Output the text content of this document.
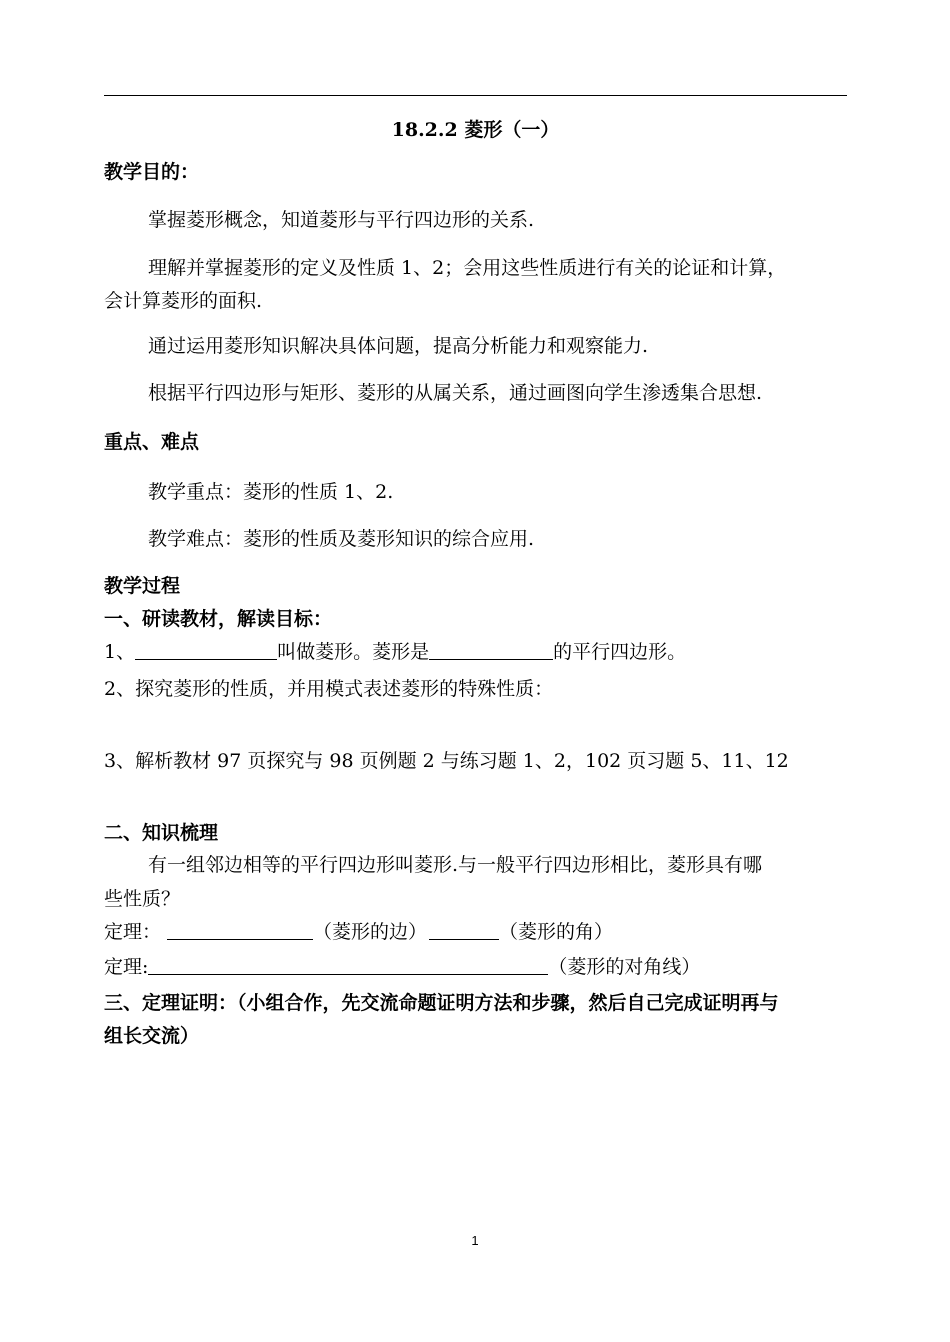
18.2.2 菱形（一）
教学目的：
掌握菱形概念，知道菱形与平行四边形的关系.
理解并掌握菱形的定义及性质 1、2；会用这些性质进行有关的论证和计算，
会计算菱形的面积.
通过运用菱形知识解决具体问题，提高分析能力和观察能力.
根据平行四边形与矩形、菱形的从属关系，通过画图向学生渗透集合思想.
重点、难点
教学重点：菱形的性质 1、2.
教学难点：菱形的性质及菱形知识的综合应用.
教学过程
一、研读教材，解读目标：
1、	叫做菱形。菱形是	的平行四边形。
2、探究菱形的性质，并用模式表述菱形的特殊性质：
3、解析教材 97 页探究与 98 页例题 2 与练习题 1、2，102 页习题 5、11、12
二、知识梳理
有一组邻边相等的平行四边形叫菱形.与一般平行四边形相比，菱形具有哪
些性质？
定理：	（菱形的边）	（菱形的角）
定理:	（菱形的对角线）
三、定理证明：（小组合作，先交流命题证明方法和步骤，然后自己完成证明再与
组长交流）
1
